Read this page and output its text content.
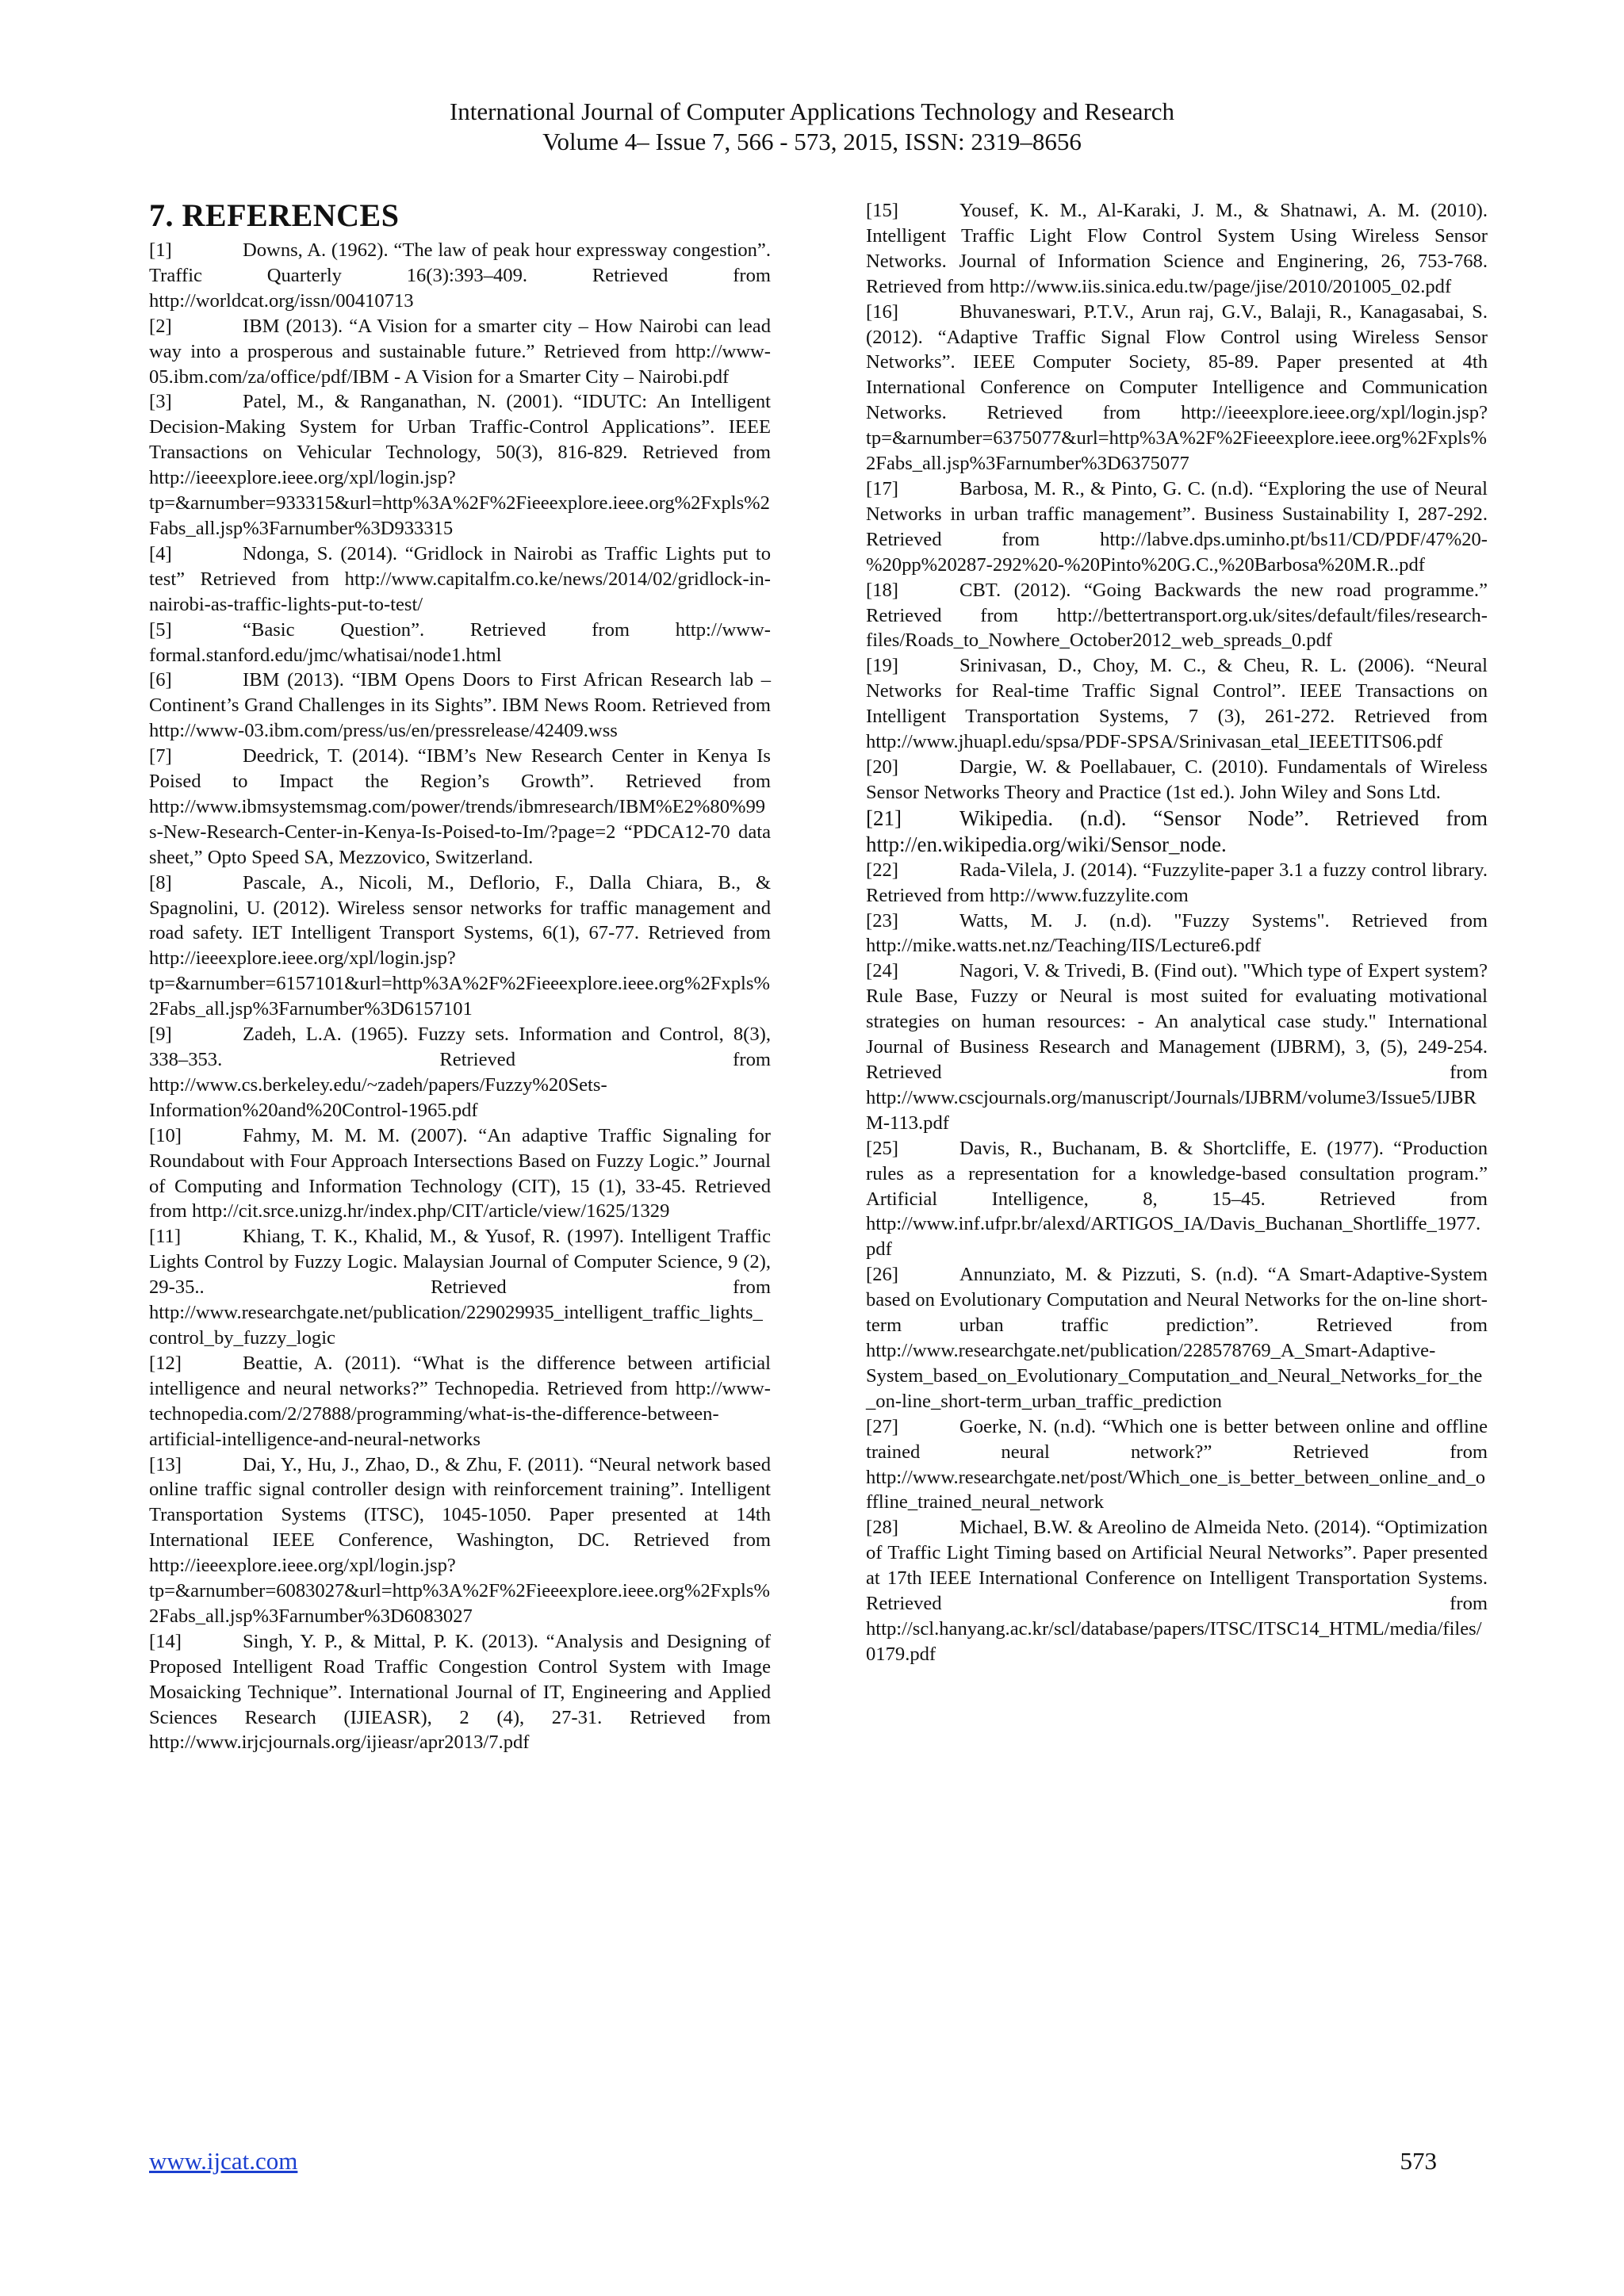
International Journal of Computer Applications Technology and Research
Volume 4– Issue 7, 566 - 573, 2015, ISSN: 2319–8656
7. REFERENCES

[1]	Downs, A. (1962). “The law of peak hour expressway congestion”. Traffic Quarterly 16(3):393–409. Retrieved from http://worldcat.org/issn/00410713

[2]	IBM (2013). “A Vision for a smarter city – How Nairobi can lead way into a prosperous and sustainable future.” Retrieved from http://www-05.ibm.com/za/office/pdf/IBM - A Vision for a Smarter City – Nairobi.pdf

[3]	Patel, M., & Ranganathan, N. (2001). “IDUTC: An Intelligent Decision-Making System for Urban Traffic-Control Applications”. IEEE Transactions on Vehicular Technology, 50(3), 816-829. Retrieved from http://ieeexplore.ieee.org/xpl/login.jsp?tp=&arnumber=933315&url=http%3A%2F%2Fieeexplore.ieee.org%2Fxpls%2Fabs_all.jsp%3Farnumber%3D933315

[4]	Ndonga, S. (2014). “Gridlock in Nairobi as Traffic Lights put to test” Retrieved from http://www.capitalfm.co.ke/news/2014/02/gridlock-in-nairobi-as-traffic-lights-put-to-test/

[5]	“Basic Question”. Retrieved from http://www-formal.stanford.edu/jmc/whatisai/node1.html

[6]	IBM (2013). “IBM Opens Doors to First African Research lab – Continent’s Grand Challenges in its Sights”. IBM News Room. Retrieved from http://www-03.ibm.com/press/us/en/pressrelease/42409.wss

[7]	Deedrick, T. (2014). “IBM’s New Research Center in Kenya Is Poised to Impact the Region’s Growth”. Retrieved from http://www.ibmsystemsmag.com/power/trends/ibmresearch/IBM%E2%80%99s-New-Research-Center-in-Kenya-Is-Poised-to-Im/?page=2 “PDCA12-70 data sheet,” Opto Speed SA, Mezzovico, Switzerland.

[8]	Pascale, A., Nicoli, M., Deflorio, F., Dalla Chiara, B., & Spagnolini, U. (2012). Wireless sensor networks for traffic management and road safety. IET Intelligent Transport Systems, 6(1), 67-77. Retrieved from http://ieeexplore.ieee.org/xpl/login.jsp?tp=&arnumber=6157101&url=http%3A%2F%2Fieeexplore.ieee.org%2Fxpls%2Fabs_all.jsp%3Farnumber%3D6157101

[9]	Zadeh, L.A. (1965). Fuzzy sets. Information and Control, 8(3), 338–353. Retrieved from http://www.cs.berkeley.edu/~zadeh/papers/Fuzzy%20Sets-Information%20and%20Control-1965.pdf

[10]	Fahmy, M. M. M. (2007). “An adaptive Traffic Signaling for Roundabout with Four Approach Intersections Based on Fuzzy Logic.” Journal of Computing and Information Technology (CIT), 15 (1), 33-45. Retrieved from http://cit.srce.unizg.hr/index.php/CIT/article/view/1625/1329

[11]	Khiang, T. K., Khalid, M., & Yusof, R. (1997). Intelligent Traffic Lights Control by Fuzzy Logic. Malaysian Journal of Computer Science, 9 (2), 29-35.. Retrieved from http://www.researchgate.net/publication/229029935_intelligent_traffic_lights_control_by_fuzzy_logic

[12]	Beattie, A. (2011). “What is the difference between artificial intelligence and neural networks?” Technopedia. Retrieved from http://www-technopedia.com/2/27888/programming/what-is-the-difference-between-artificial-intelligence-and-neural-networks

[13]	Dai, Y., Hu, J., Zhao, D., & Zhu, F. (2011). “Neural network based online traffic signal controller design with reinforcement training”. Intelligent Transportation Systems (ITSC), 1045-1050. Paper presented at 14th International IEEE Conference, Washington, DC. Retrieved from http://ieeexplore.ieee.org/xpl/login.jsp?tp=&arnumber=6083027&url=http%3A%2F%2Fieeexplore.ieee.org%2Fxpls%2Fabs_all.jsp%3Farnumber%3D6083027

[14]	Singh, Y. P., & Mittal, P. K. (2013). “Analysis and Designing of Proposed Intelligent Road Traffic Congestion Control System with Image Mosaicking Technique”. International Journal of IT, Engineering and Applied Sciences Research (IJIEASR), 2 (4), 27-31. Retrieved from http://www.irjcjournals.org/ijieasr/apr2013/7.pdf

[15]	Yousef, K. M., Al-Karaki, J. M., & Shatnawi, A. M. (2010). Intelligent Traffic Light Flow Control System Using Wireless Sensor Networks. Journal of Information Science and Enginering, 26, 753-768. Retrieved from http://www.iis.sinica.edu.tw/page/jise/2010/201005_02.pdf

[16]	Bhuvaneswari, P.T.V., Arun raj, G.V., Balaji, R., Kanagasabai, S. (2012). “Adaptive Traffic Signal Flow Control using Wireless Sensor Networks”. IEEE Computer Society, 85-89. Paper presented at 4th International Conference on Computer Intelligence and Communication Networks. Retrieved from http://ieeexplore.ieee.org/xpl/login.jsp?tp=&arnumber=6375077&url=http%3A%2F%2Fieeexplore.ieee.org%2Fxpls%2Fabs_all.jsp%3Farnumber%3D6375077

[17]	Barbosa, M. R., & Pinto, G. C. (n.d). “Exploring the use of Neural Networks in urban traffic management”. Business Sustainability I, 287-292. Retrieved from http://labve.dps.uminho.pt/bs11/CD/PDF/47%20-%20pp%20287-292%20-%20Pinto%20G.C.,%20Barbosa%20M.R..pdf

[18]	CBT. (2012). “Going Backwards the new road programme.” Retrieved from http://bettertransport.org.uk/sites/default/files/research-files/Roads_to_Nowhere_October2012_web_spreads_0.pdf

[19]	Srinivasan, D., Choy, M. C., & Cheu, R. L. (2006). “Neural Networks for Real-time Traffic Signal Control”. IEEE Transactions on Intelligent Transportation Systems, 7 (3), 261-272. Retrieved from http://www.jhuapl.edu/spsa/PDF-SPSA/Srinivasan_etal_IEEETITS06.pdf

[20]	Dargie, W. & Poellabauer, C. (2010). Fundamentals of Wireless Sensor Networks Theory and Practice (1st ed.). John Wiley and Sons Ltd.

[21]	Wikipedia. (n.d). “Sensor Node”. Retrieved from http://en.wikipedia.org/wiki/Sensor_node.

[22]	Rada-Vilela, J. (2014). “Fuzzylite-paper 3.1 a fuzzy control library. Retrieved from http://www.fuzzylite.com

[23]	Watts, M. J. (n.d). "Fuzzy Systems". Retrieved from http://mike.watts.net.nz/Teaching/IIS/Lecture6.pdf

[24]	Nagori, V. & Trivedi, B. (Find out). "Which type of Expert system? Rule Base, Fuzzy or Neural is most suited for evaluating motivational strategies on human resources: - An analytical case study." International Journal of Business Research and Management (IJBRM), 3, (5), 249-254. Retrieved from http://www.cscjournals.org/manuscript/Journals/IJBRM/volume3/Issue5/IJBRM-113.pdf

[25]	Davis, R., Buchanam, B. & Shortcliffe, E. (1977). “Production rules as a representation for a knowledge-based consultation program.” Artificial Intelligence, 8, 15–45. Retrieved from http://www.inf.ufpr.br/alexd/ARTIGOS_IA/Davis_Buchanan_Shortliffe_1977.pdf

[26]	Annunziato, M. & Pizzuti, S. (n.d). “A Smart-Adaptive-System based on Evolutionary Computation and Neural Networks for the on-line short-term urban traffic prediction”. Retrieved from http://www.researchgate.net/publication/228578769_A_Smart-Adaptive-System_based_on_Evolutionary_Computation_and_Neural_Networks_for_the_on-line_short-term_urban_traffic_prediction

[27]	Goerke, N. (n.d). “Which one is better between online and offline trained neural network?” Retrieved from http://www.researchgate.net/post/Which_one_is_better_between_online_and_offline_trained_neural_network

[28]	Michael, B.W. & Areolino de Almeida Neto. (2014). “Optimization of Traffic Light Timing based on Artificial Neural Networks”. Paper presented at 17th IEEE International Conference on Intelligent Transportation Systems. Retrieved from http://scl.hanyang.ac.kr/scl/database/papers/ITSC/ITSC14_HTML/media/files/0179.pdf

www.ijcat.com	573
